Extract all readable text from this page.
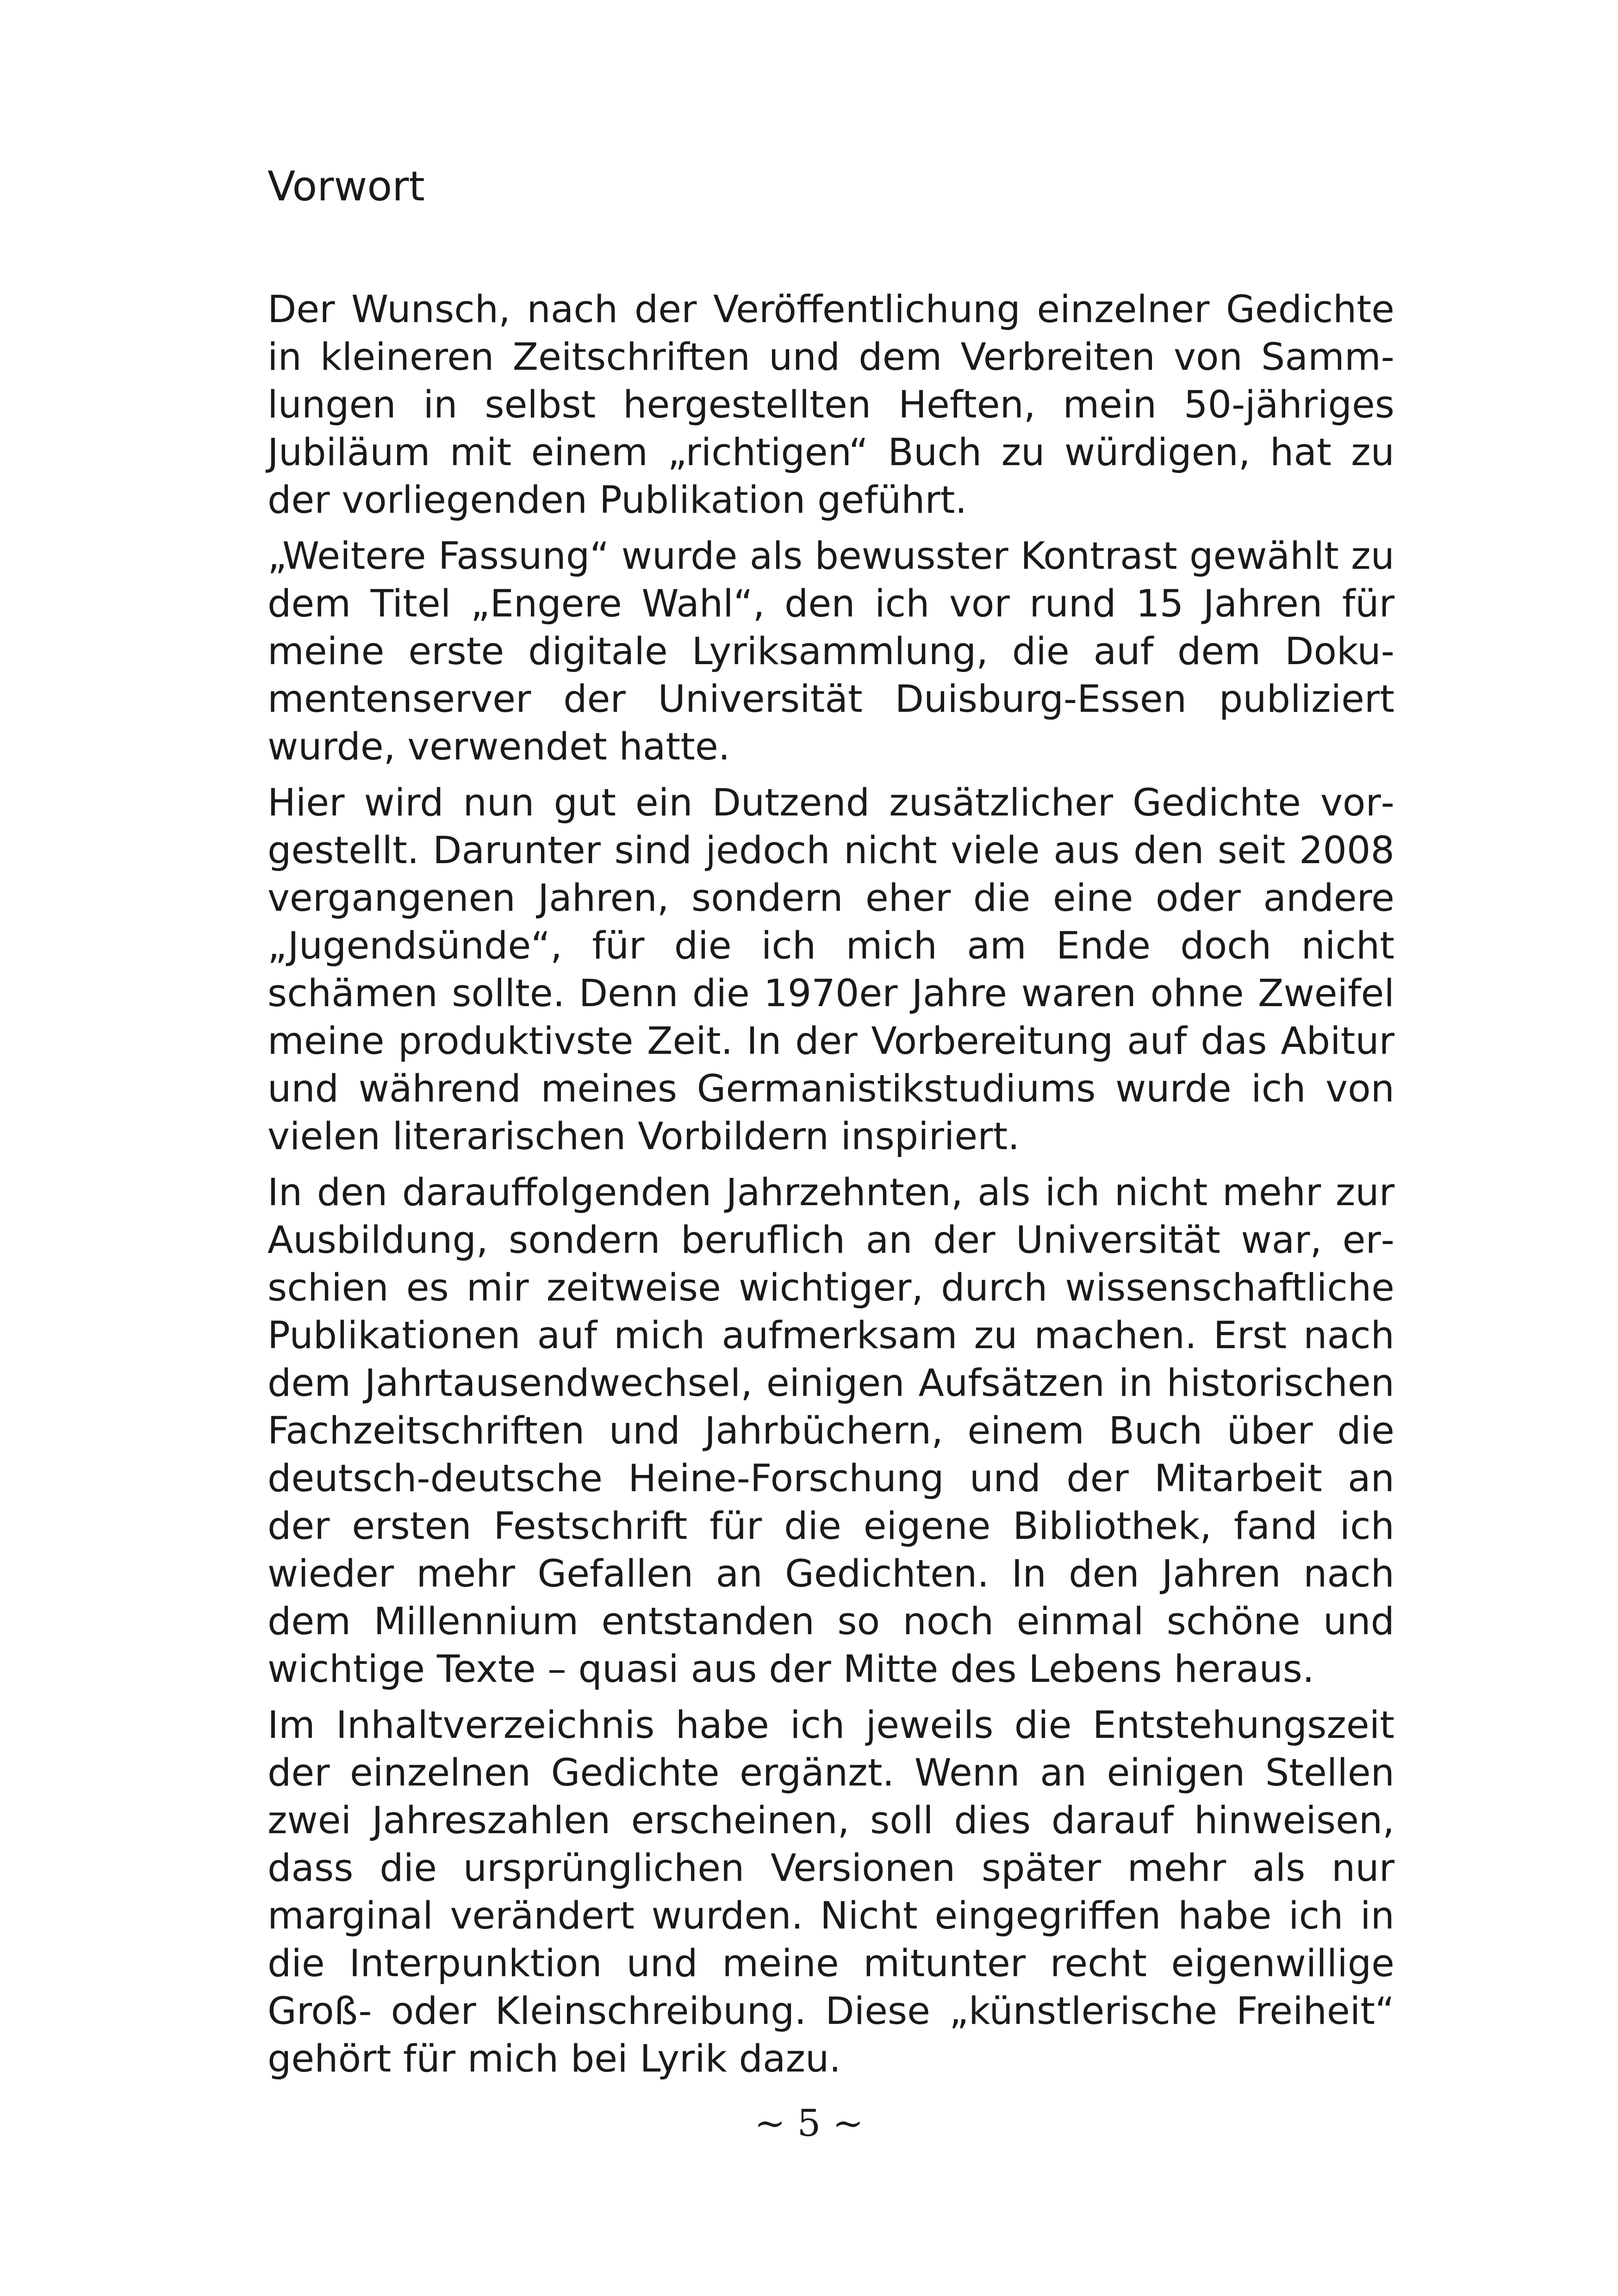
Vorwort

Der Wunsch, nach der Veröffentlichung einzelner Gedichte in kleineren Zeitschriften und dem Verbreiten von Sammlungen in selbst hergestellten Heften, mein 50-jähriges Jubiläum mit einem „richtigen“ Buch zu würdigen, hat zu der vorliegenden Publikation geführt.

„Weitere Fassung“ wurde als bewusster Kontrast gewählt zu dem Titel „Engere Wahl“, den ich vor rund 15 Jahren für meine erste digitale Lyriksammlung, die auf dem Dokumentenserver der Universität Duisburg-Essen publiziert wurde, verwendet hatte.

Hier wird nun gut ein Dutzend zusätzlicher Gedichte vorgestellt. Darunter sind jedoch nicht viele aus den seit 2008 vergangenen Jahren, sondern eher die eine oder andere „Jugendsünde“, für die ich mich am Ende doch nicht schämen sollte. Denn die 1970er Jahre waren ohne Zweifel meine produktivste Zeit. In der Vorbereitung auf das Abitur und während meines Germanistikstudiums wurde ich von vielen literarischen Vorbildern inspiriert.

In den darauffolgenden Jahrzehnten, als ich nicht mehr zur Ausbildung, sondern beruflich an der Universität war, erschien es mir zeitweise wichtiger, durch wissenschaftliche Publikationen auf mich aufmerksam zu machen. Erst nach dem Jahrtausendwechsel, einigen Aufsätzen in historischen Fachzeitschriften und Jahrbüchern, einem Buch über die deutsch-deutsche Heine-Forschung und der Mitarbeit an der ersten Festschrift für die eigene Bibliothek, fand ich wieder mehr Gefallen an Gedichten. In den Jahren nach dem Millennium entstanden so noch einmal schöne und wichtige Texte – quasi aus der Mitte des Lebens heraus.

Im Inhaltverzeichnis habe ich jeweils die Entstehungszeit der einzelnen Gedichte ergänzt. Wenn an einigen Stellen zwei Jahreszahlen erscheinen, soll dies darauf hinweisen, dass die ursprünglichen Versionen später mehr als nur marginal verändert wurden. Nicht eingegriffen habe ich in die Interpunktion und meine mitunter recht eigenwillige Groß- oder Kleinschreibung. Diese „künstlerische Freiheit“ gehört für mich bei Lyrik dazu.

~ 5 ~
